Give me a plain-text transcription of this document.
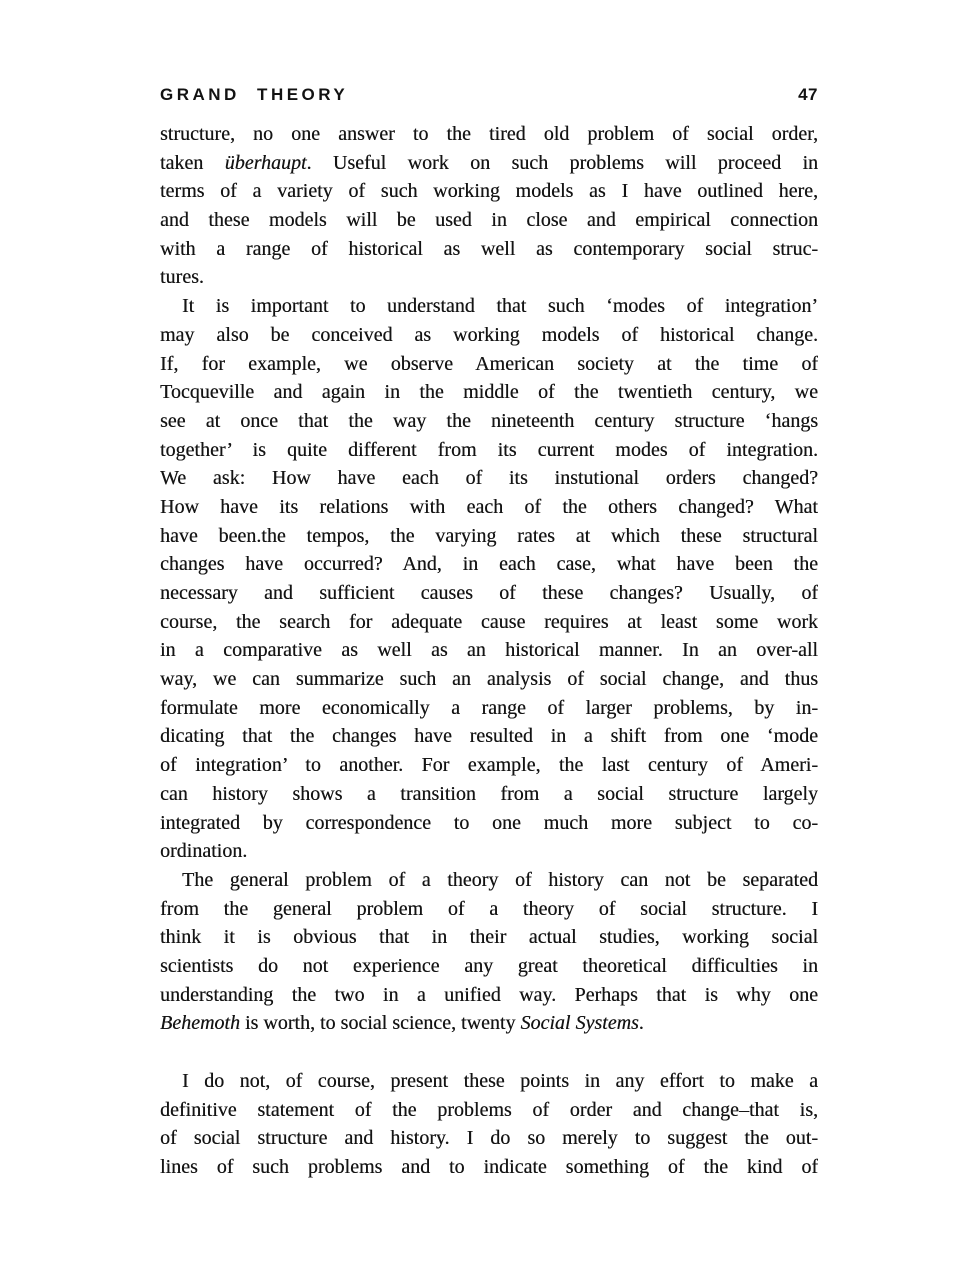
GRAND THEORY	47
structure, no one answer to the tired old problem of social order,
taken überhaupt. Useful work on such problems will proceed in
terms of a variety of such working models as I have outlined here,
and these models will be used in close and empirical connection
with a range of historical as well as contemporary social struc-
tures.
It is important to understand that such ‘modes of integration’
may also be conceived as working models of historical change.
If, for example, we observe American society at the time of
Tocqueville and again in the middle of the twentieth century, we
see at once that the way the nineteenth century structure ‘hangs
together’ is quite different from its current modes of integration.
We ask: How have each of its instutional orders changed?
How have its relations with each of the others changed? What
have been.the tempos, the varying rates at which these structural
changes have occurred? And, in each case, what have been the
necessary and sufficient causes of these changes? Usually, of
course, the search for adequate cause requires at least some work
in a comparative as well as an historical manner. In an over-all
way, we can summarize such an analysis of social change, and thus
formulate more economically a range of larger problems, by in-
dicating that the changes have resulted in a shift from one ‘mode
of integration’ to another. For example, the last century of Ameri-
can history shows a transition from a social structure largely
integrated by correspondence to one much more subject to co-
ordination.
The general problem of a theory of history can not be separated
from the general problem of a theory of social structure. I
think it is obvious that in their actual studies, working social
scientists do not experience any great theoretical difficulties in
understanding the two in a unified way. Perhaps that is why one
Behemoth is worth, to social science, twenty Social Systems.
I do not, of course, present these points in any effort to make a
definitive statement of the problems of order and change–that is,
of social structure and history. I do so merely to suggest the out-
lines of such problems and to indicate something of the kind of
